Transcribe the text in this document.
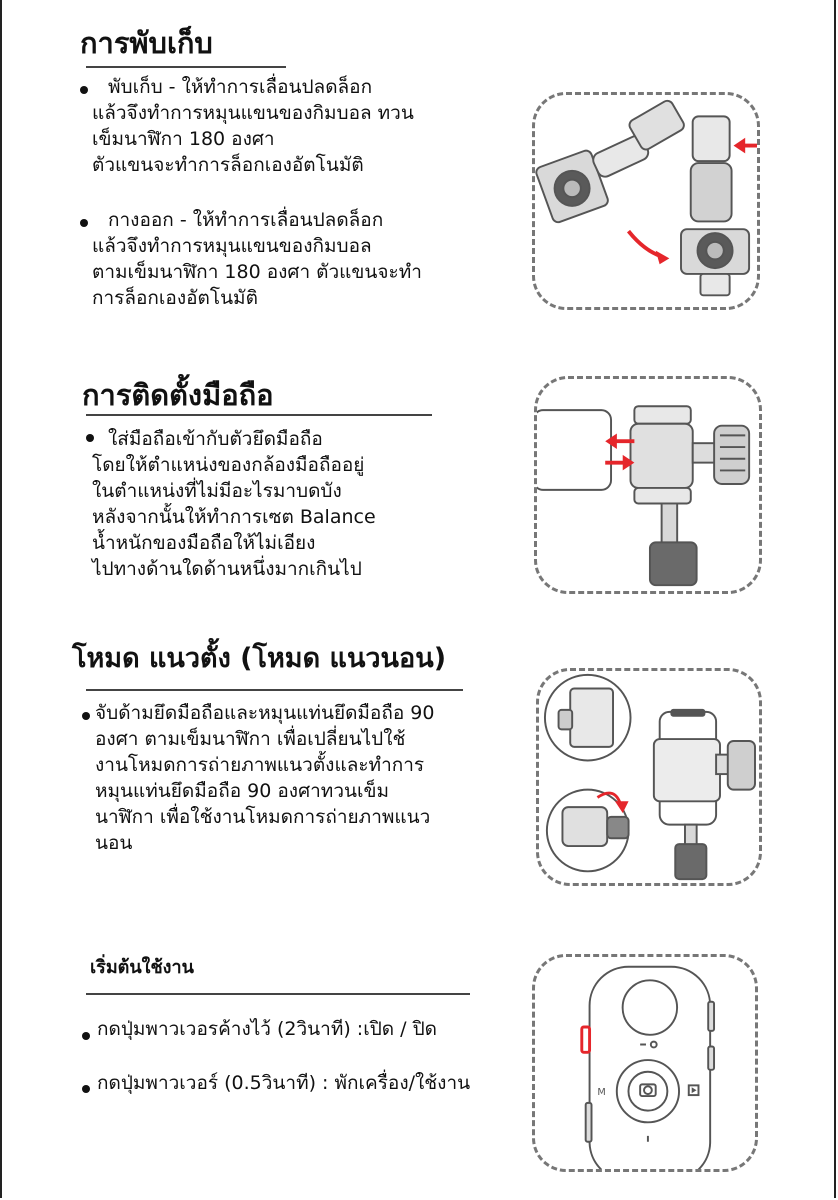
การพับเก็บ

พับเก็บ - ให้ทำการเลื่อนปลดล็อก
แล้วจึงทำการหมุนแขนของกิมบอล ทวน
เข็มนาฬิกา 180 องศา
ตัวแขนจะทำการล็อกเองอัตโนมัติ

กางออก - ให้ทำการเลื่อนปลดล็อก
แล้วจึงทำการหมุนแขนของกิมบอล
ตามเข็มนาฬิกา 180 องศา ตัวแขนจะทำ
การล็อกเองอัตโนมัติ

การติดตั้งมือถือ

ใส่มือถือเข้ากับตัวยึดมือถือ
โดยให้ตำแหน่งของกล้องมือถืออยู่
ในตำแหน่งที่ไม่มีอะไรมาบดบัง
หลังจากนั้นให้ทำการเซต Balance
น้ำหนักของมือถือให้ไม่เอียง
ไปทางด้านใดด้านหนึ่งมากเกินไป

โหมด แนวตั้ง (โหมด แนวนอน)

จับด้ามยึดมือถือและหมุนแท่นยึดมือถือ 90
องศา ตามเข็มนาฬิกา เพื่อเปลี่ยนไปใช้
งานโหมดการถ่ายภาพแนวตั้งและทำการ
หมุนแท่นยึดมือถือ 90 องศาทวนเข็ม
นาฬิกา เพื่อใช้งานโหมดการถ่ายภาพแนว
นอน

เริ่มต้นใช้งาน

กดปุ่มพาวเวอรค้างไว้ (2วินาที) :เปิด / ปิด

กดปุ่มพาวเวอร์ (0.5วินาที) : พักเครื่อง/ใช้งาน	M
